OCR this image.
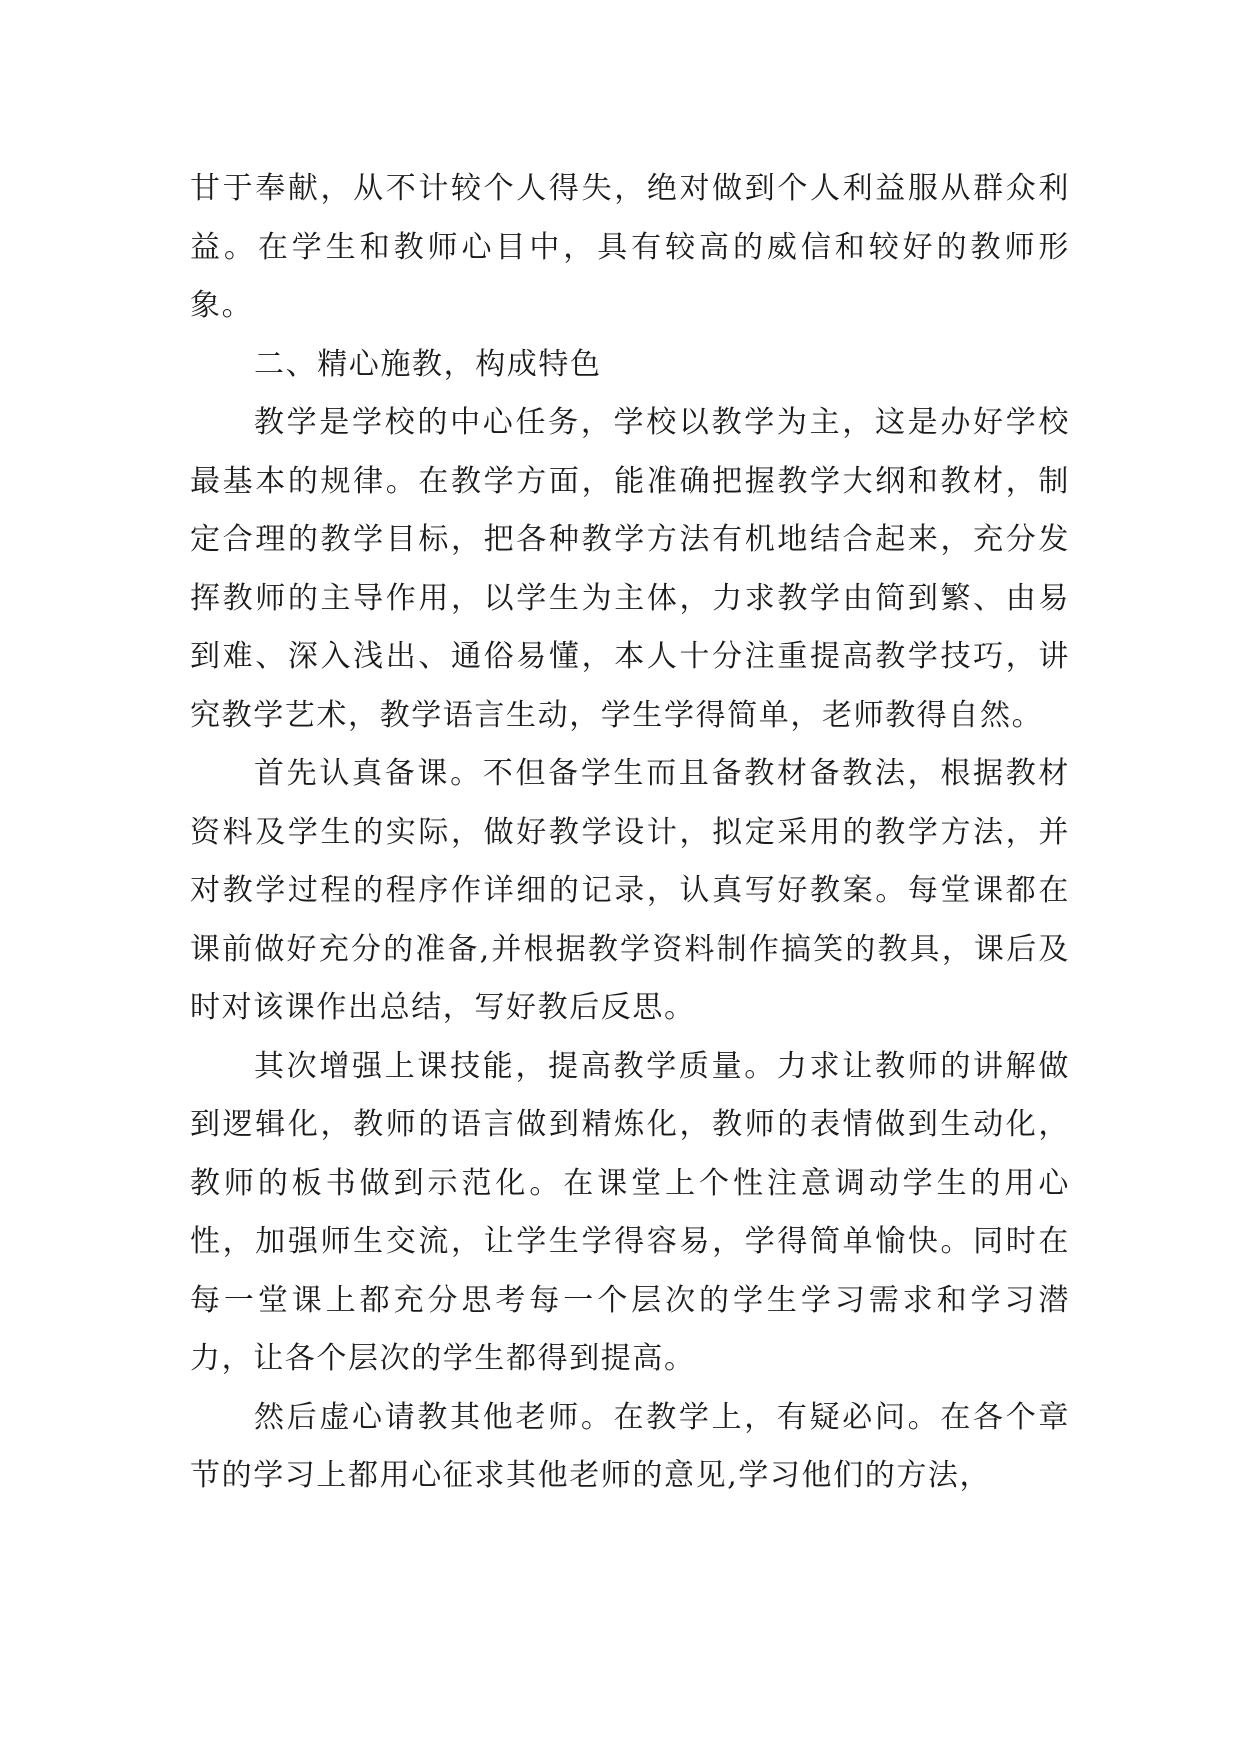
甘于奉献，从不计较个人得失，绝对做到个人利益服从群众利益。在学生和教师心目中，具有较高的威信和较好的教师形象。

二、精心施教，构成特色

教学是学校的中心任务，学校以教学为主，这是办好学校最基本的规律。在教学方面，能准确把握教学大纲和教材，制定合理的教学目标，把各种教学方法有机地结合起来，充分发挥教师的主导作用，以学生为主体，力求教学由简到繁、由易到难、深入浅出、通俗易懂，本人十分注重提高教学技巧，讲究教学艺术，教学语言生动，学生学得简单，老师教得自然。

首先认真备课。不但备学生而且备教材备教法，根据教材资料及学生的实际，做好教学设计，拟定采用的教学方法，并对教学过程的程序作详细的记录，认真写好教案。每堂课都在课前做好充分的准备,并根据教学资料制作搞笑的教具，课后及时对该课作出总结，写好教后反思。

其次增强上课技能，提高教学质量。力求让教师的讲解做到逻辑化，教师的语言做到精炼化，教师的表情做到生动化，教师的板书做到示范化。在课堂上个性注意调动学生的用心性，加强师生交流，让学生学得容易，学得简单愉快。同时在每一堂课上都充分思考每一个层次的学生学习需求和学习潜力，让各个层次的学生都得到提高。

然后虚心请教其他老师。在教学上，有疑必问。在各个章节的学习上都用心征求其他老师的意见,学习他们的方法，
